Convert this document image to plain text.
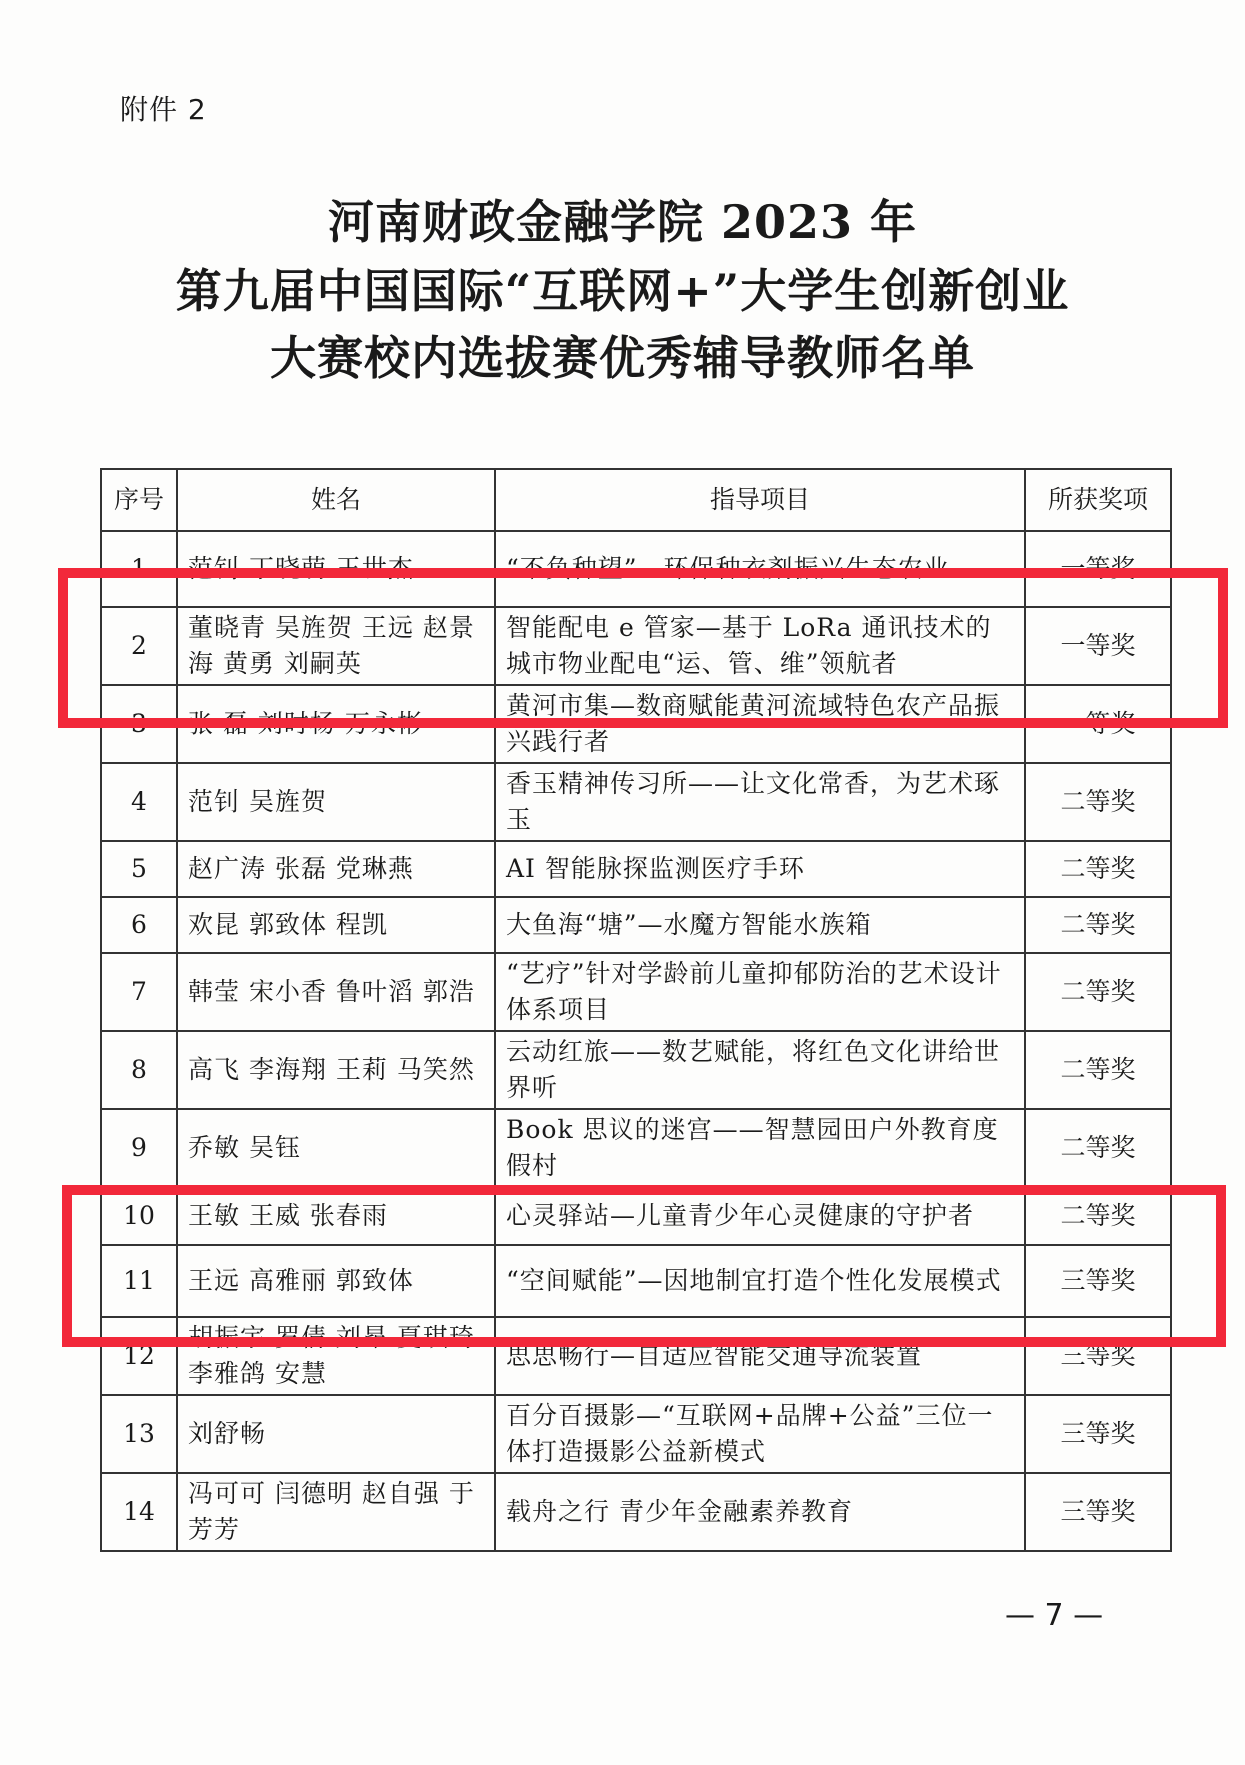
附件 2
河南财政金融学院 2023 年
第九届中国国际“互联网+”大学生创新创业
大赛校内选拔赛优秀辅导教师名单
序号	姓名	指导项目	所获奖项
1	范钊 丁晓萌 王世杰	“不负种望”—环保种衣剂振兴生态农业	一等奖
2	董晓青 吴旌贺 王远 赵景海 黄勇 刘嗣英	智能配电 e 管家—基于 LoRa 通讯技术的城市物业配电“运、管、维”领航者	一等奖
3	张 磊 刘时杨 万永彬	黄河市集—数商赋能黄河流域特色农产品振兴践行者	一等奖
4	范钊 吴旌贺	香玉精神传习所——让文化常香，为艺术琢玉	二等奖
5	赵广涛 张磊 党琳燕	AI 智能脉探监测医疗手环	二等奖
6	欢昆 郭致体 程凯	大鱼海“塘”—水魔方智能水族箱	二等奖
7	韩莹 宋小香 鲁叶滔 郭浩	“艺疗”针对学龄前儿童抑郁防治的艺术设计体系项目	二等奖
8	高飞 李海翔 王莉 马笑然	云动红旅——数艺赋能，将红色文化讲给世界听	二等奖
9	乔敏 吴钰	Book 思议的迷宫——智慧园田户外教育度假村	二等奖
10	王敏 王威 张春雨	心灵驿站—儿童青少年心灵健康的守护者	二等奖
11	王远 高雅丽 郭致体	“空间赋能”—因地制宜打造个性化发展模式	三等奖
12	胡振宇 罗倩 刘昂 夏琪琦 李雅鸽 安慧	思思畅行—自适应智能交通导流装置	三等奖
13	刘舒畅	百分百摄影—“互联网+品牌+公益”三位一体打造摄影公益新模式	三等奖
14	冯可可 闫德明 赵自强 于芳芳	载舟之行 青少年金融素养教育	三等奖
— 7 —
